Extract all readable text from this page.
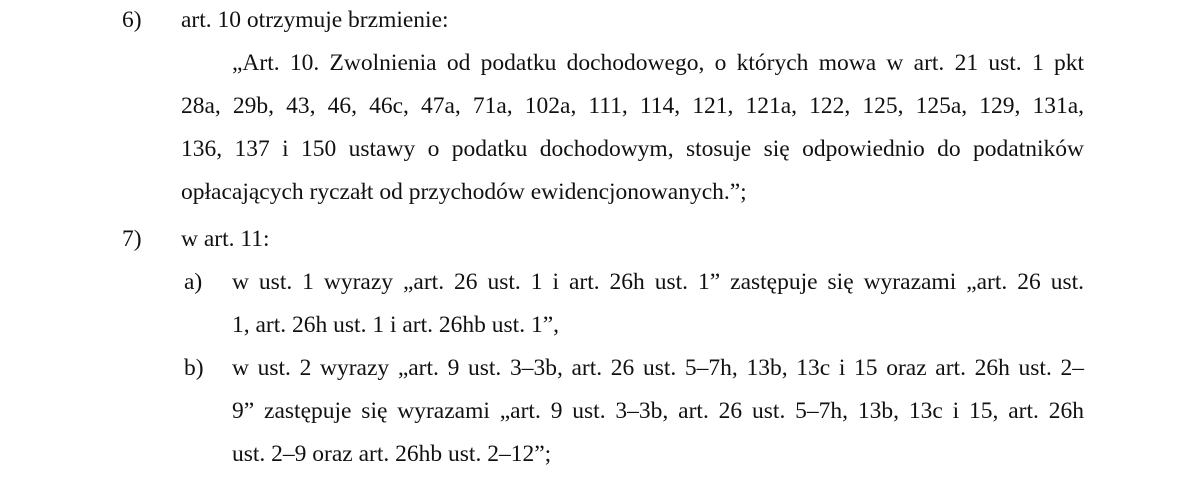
6) art. 10 otrzymuje brzmienie:
„Art. 10. Zwolnienia od podatku dochodowego, o których mowa w art. 21 ust. 1 pkt
28a, 29b, 43, 46, 46c, 47a, 71a, 102a, 111, 114, 121, 121a, 122, 125, 125a, 129, 131a,
136, 137 i 150 ustawy o podatku dochodowym, stosuje się odpowiednio do podatników
opłacających ryczałt od przychodów ewidencjonowanych.”;
7) w art. 11:
a) w ust. 1 wyrazy „art. 26 ust. 1 i art. 26h ust. 1” zastępuje się wyrazami „art. 26 ust.
1, art. 26h ust. 1 i art. 26hb ust. 1”,
b) w ust. 2 wyrazy „art. 9 ust. 3–3b, art. 26 ust. 5–7h, 13b, 13c i 15 oraz art. 26h ust. 2–
9” zastępuje się wyrazami „art. 9 ust. 3–3b, art. 26 ust. 5–7h, 13b, 13c i 15, art. 26h
ust. 2–9 oraz art. 26hb ust. 2–12”;
